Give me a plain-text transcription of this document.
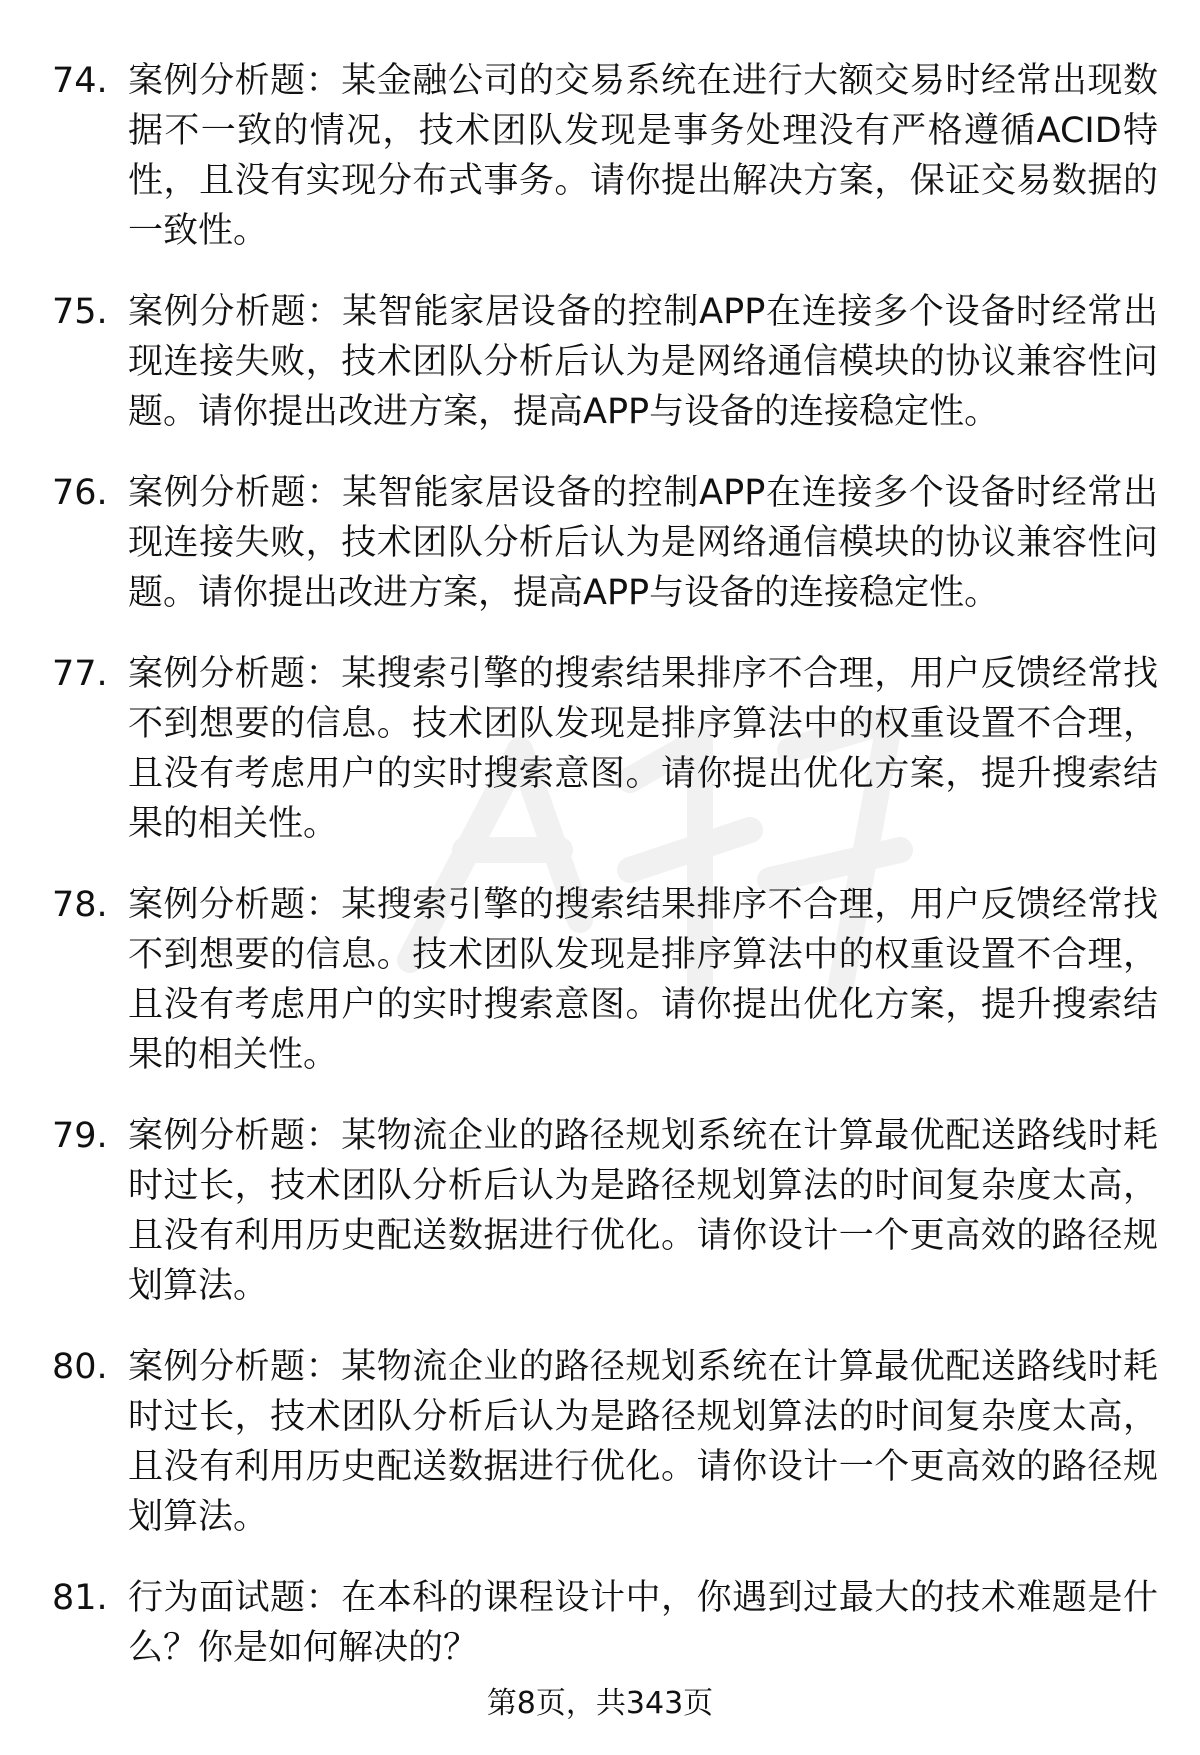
74. 案例分析题：某金融公司的交易系统在进行大额交易时经常出现数据不一致的情况，技术团队发现是事务处理没有严格遵循ACID特性，且没有实现分布式事务。请你提出解决方案，保证交易数据的一致性。
75. 案例分析题：某智能家居设备的控制APP在连接多个设备时经常出现连接失败，技术团队分析后认为是网络通信模块的协议兼容性问题。请你提出改进方案，提高APP与设备的连接稳定性。
76. 案例分析题：某智能家居设备的控制APP在连接多个设备时经常出现连接失败，技术团队分析后认为是网络通信模块的协议兼容性问题。请你提出改进方案，提高APP与设备的连接稳定性。
77. 案例分析题：某搜索引擎的搜索结果排序不合理，用户反馈经常找不到想要的信息。技术团队发现是排序算法中的权重设置不合理，且没有考虑用户的实时搜索意图。请你提出优化方案，提升搜索结果的相关性。
78. 案例分析题：某搜索引擎的搜索结果排序不合理，用户反馈经常找不到想要的信息。技术团队发现是排序算法中的权重设置不合理，且没有考虑用户的实时搜索意图。请你提出优化方案，提升搜索结果的相关性。
79. 案例分析题：某物流企业的路径规划系统在计算最优配送路线时耗时过长，技术团队分析后认为是路径规划算法的时间复杂度太高，且没有利用历史配送数据进行优化。请你设计一个更高效的路径规划算法。
80. 案例分析题：某物流企业的路径规划系统在计算最优配送路线时耗时过长，技术团队分析后认为是路径规划算法的时间复杂度太高，且没有利用历史配送数据进行优化。请你设计一个更高效的路径规划算法。
81. 行为面试题：在本科的课程设计中，你遇到过最大的技术难题是什么？你是如何解决的？
第8页，共343页
